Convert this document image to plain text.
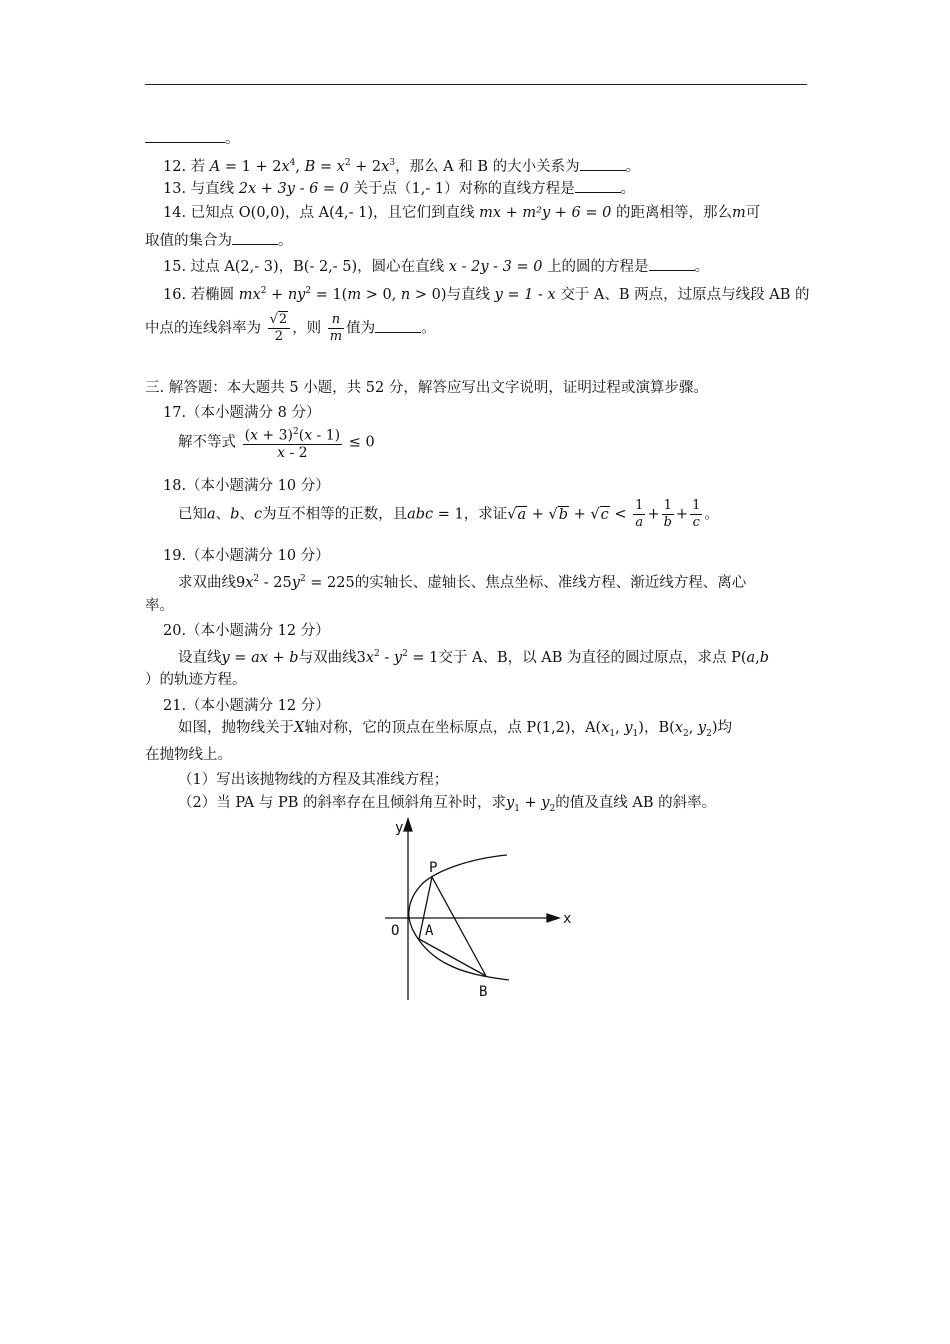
。
12. 若 $A = 1 + 2x^4$, $B = x^2 + 2x^3$，那么 A 和 B 的大小关系为	。
13. 与直线 2x + 3y - 6 = 0 关于点（1,- 1）对称的直线方程是	。
14. 已知点 O(0,0)，点 A(4,- 1)，且它们到直线 mx + m²y + 6 = 0 的距离相等，那么m可
取值的集合为	。
15. 过点 A(2,- 3)，B(- 2,- 5)，圆心在直线 x - 2y - 3 = 0 上的圆的方程是	。
16. 若椭圆 $mx^2 + ny^2 = 1(m > 0$, n > 0)与直线 y = 1 - x 交于 A、B 两点，过原点与线段 AB 的
中点的连线斜率为 $\frac{√2}{2}$ ，则 $\frac{n}{m}$ 值为	。
三. 解答题：本大题共 5 小题，共 52 分，解答应写出文字说明，证明过程或演算步骤。
17.（本小题满分 8 分）
解不等式 $\frac{(x + 3)^2(x - 1)}{x - 2} \le 0$
18.（本小题满分 10 分）
已知a、b、c为互不相等的正数，且abc = 1，求证$√a + √b + √c < \frac{1}{a} + \frac{1}{b} + \frac{1}{c}$ 。
19.（本小题满分 10 分）
求双曲线$9x^2 - 25y^2 = 225$的实轴长、虚轴长、焦点坐标、准线方程、渐近线方程、离心
率。
20.（本小题满分 12 分）
设直线y = ax + b与双曲线$3x^2 - y^2 = 1$交于 A、B，以 AB 为直径的圆过原点，求点 P(a,b
）的轨迹方程。
21.（本小题满分 12 分）
如图，抛物线关于X轴对称，它的顶点在坐标原点，点 P(1,2)，$A(x_1$, $y_1$)，$B(x_2$, $y_2$)均
在抛物线上。
（1）写出该抛物线的方程及其准线方程；
（2）当 PA 与 PB 的斜率存在且倾斜角互补时，求$y_1 + y_2$的值及直线 AB 的斜率。
y
x
O
P
A
B
